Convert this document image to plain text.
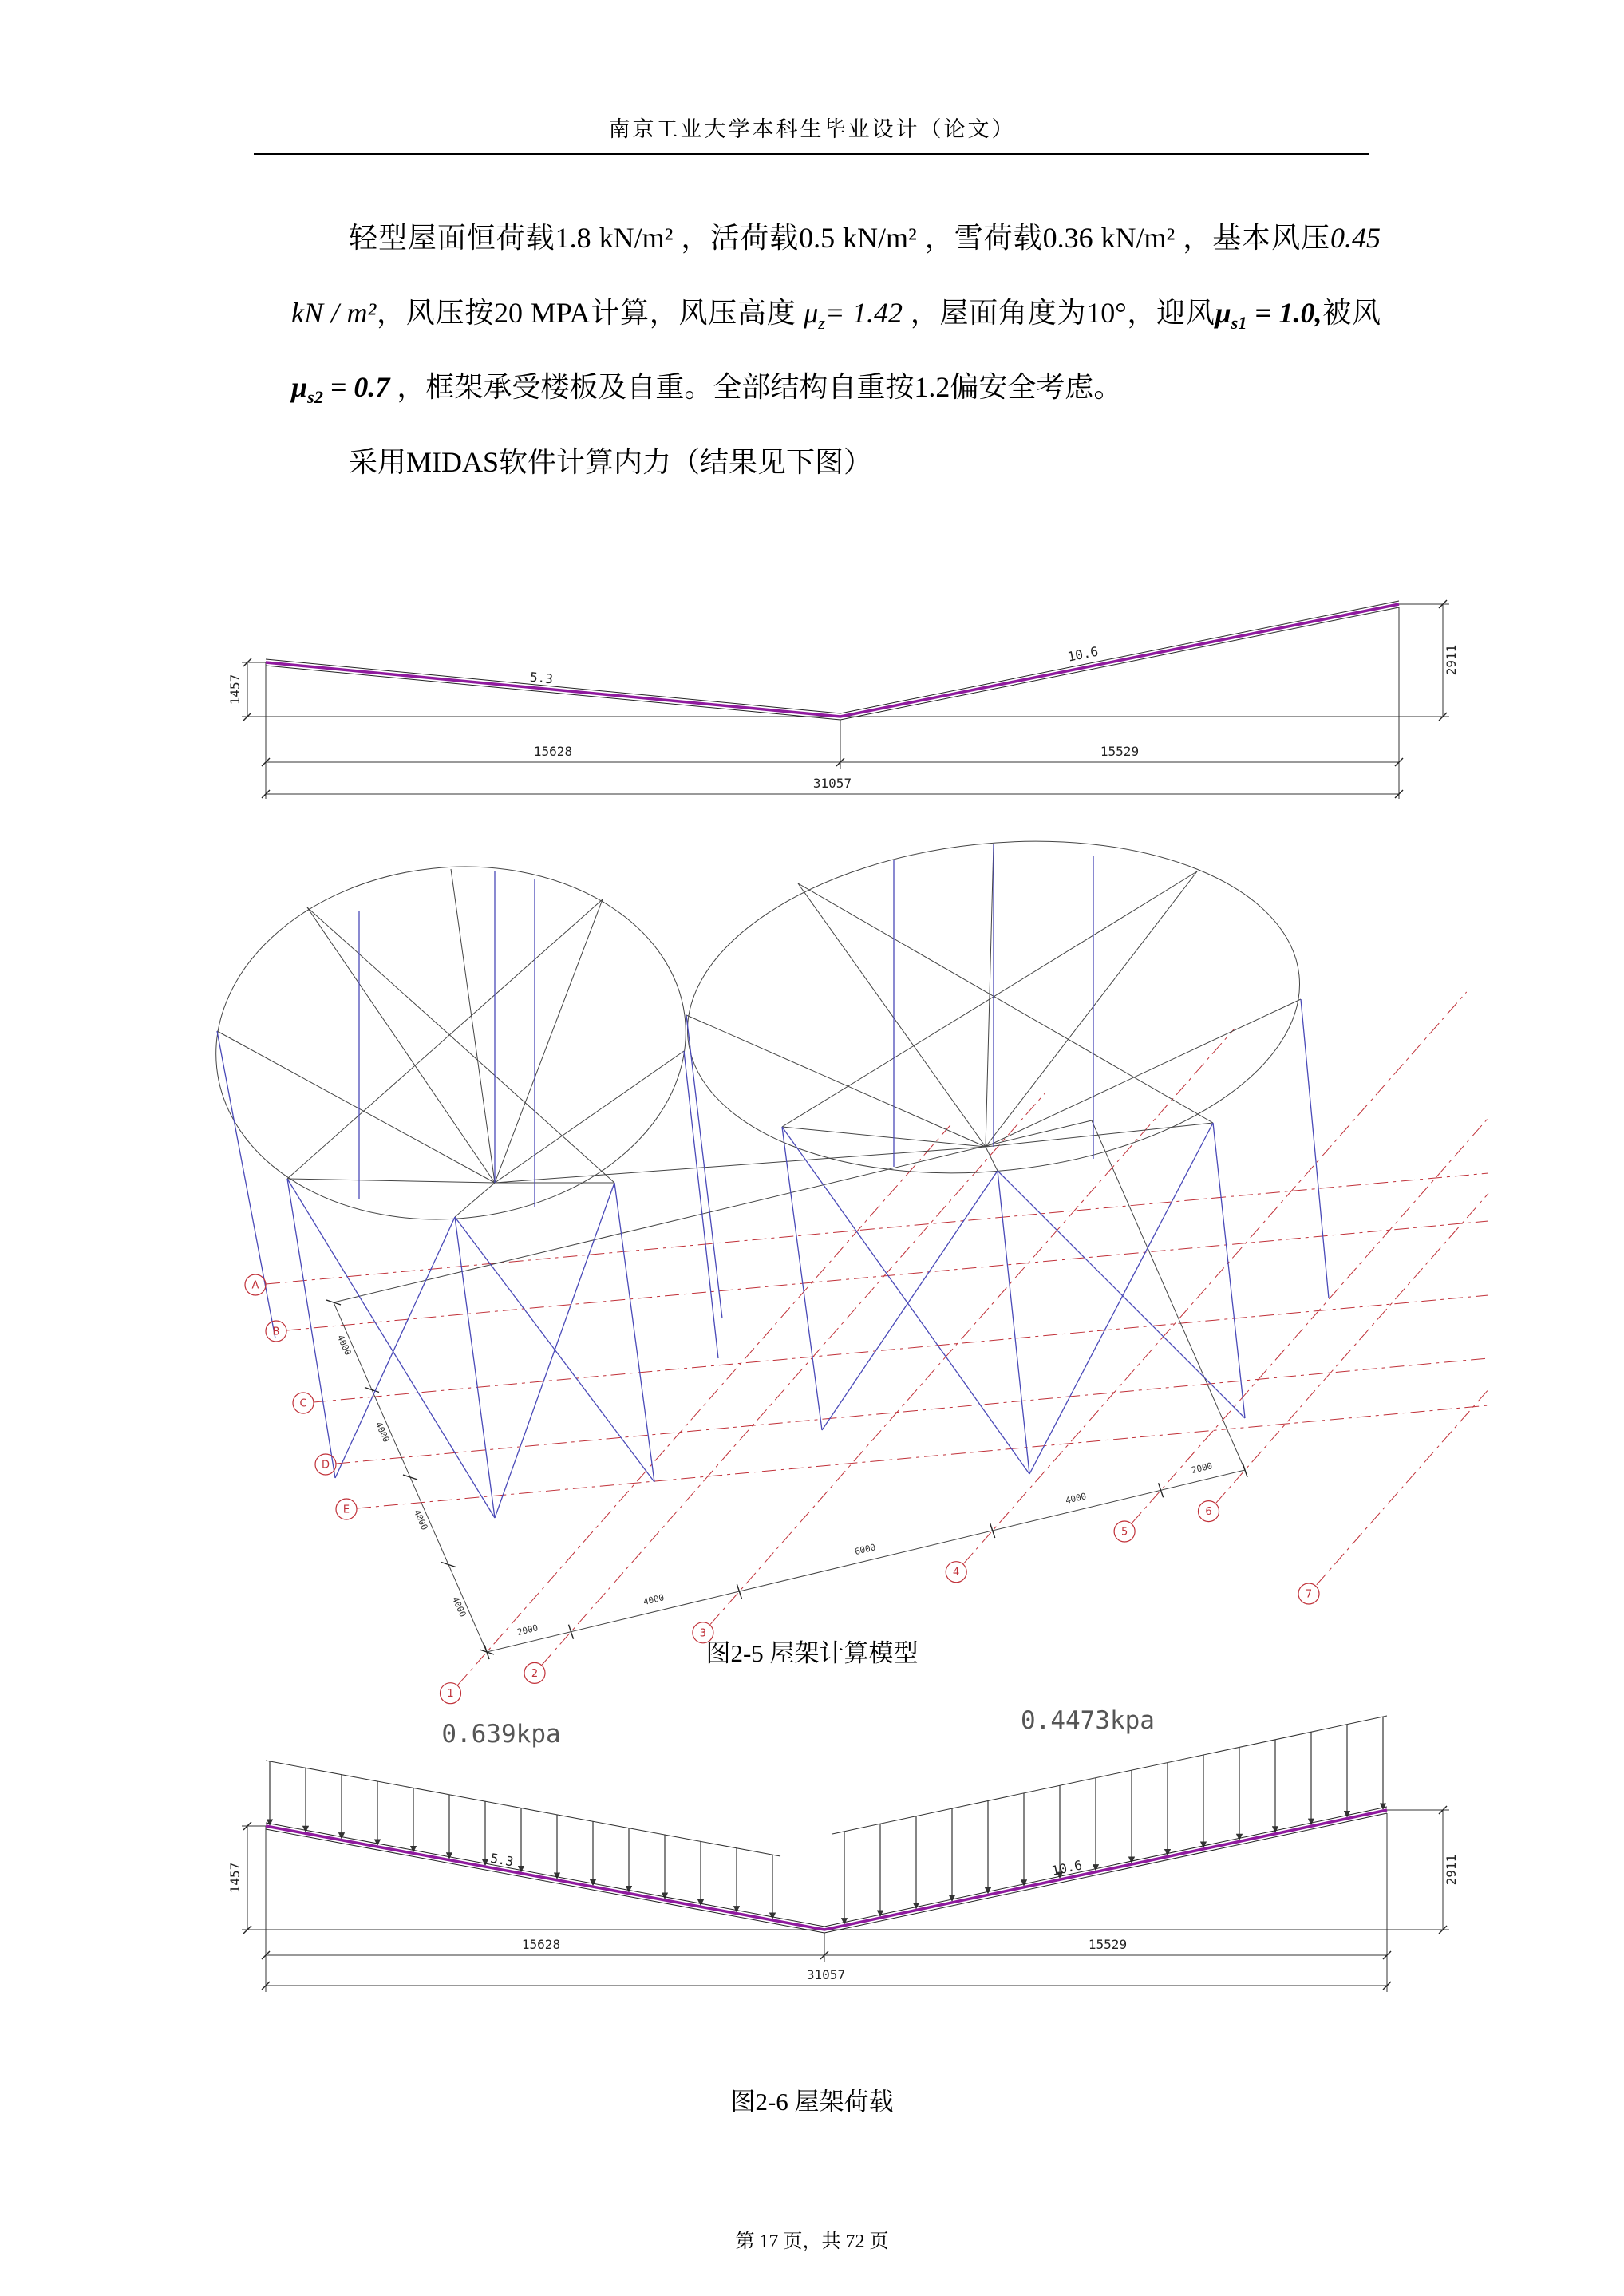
南京工业大学本科生毕业设计（论文）

轻型屋面恒荷载1.8 kN/m² ，活荷载0.5 kN/m² ，雪荷载0.36 kN/m² ，基本风压0.45 kN / m²，风压按20 MPA计算，风压高度 $\mu_z= 1.42$ ，屋面角度为10°，迎风$\mu_{s1} = 1.0$,被风$\mu_{s2} = 0.7$ ，框架承受楼板及自重。全部结构自重按1.2偏安全考虑。

采用MIDAS软件计算内力（结果见下图）

1457
2911
15628	15529
31057
5.3
10.6
2000
4000
6000
4000
2000
4000
4000
4000
4000
A
B
C
D
E
1
2
3
4
5
6
7
图2-5 屋架计算模型
0.639kpa	0.4473kpa
1457	2911
15628	15529
31057
5.3	10.6
图2-6 屋架荷载
第 17 页，共 72 页
